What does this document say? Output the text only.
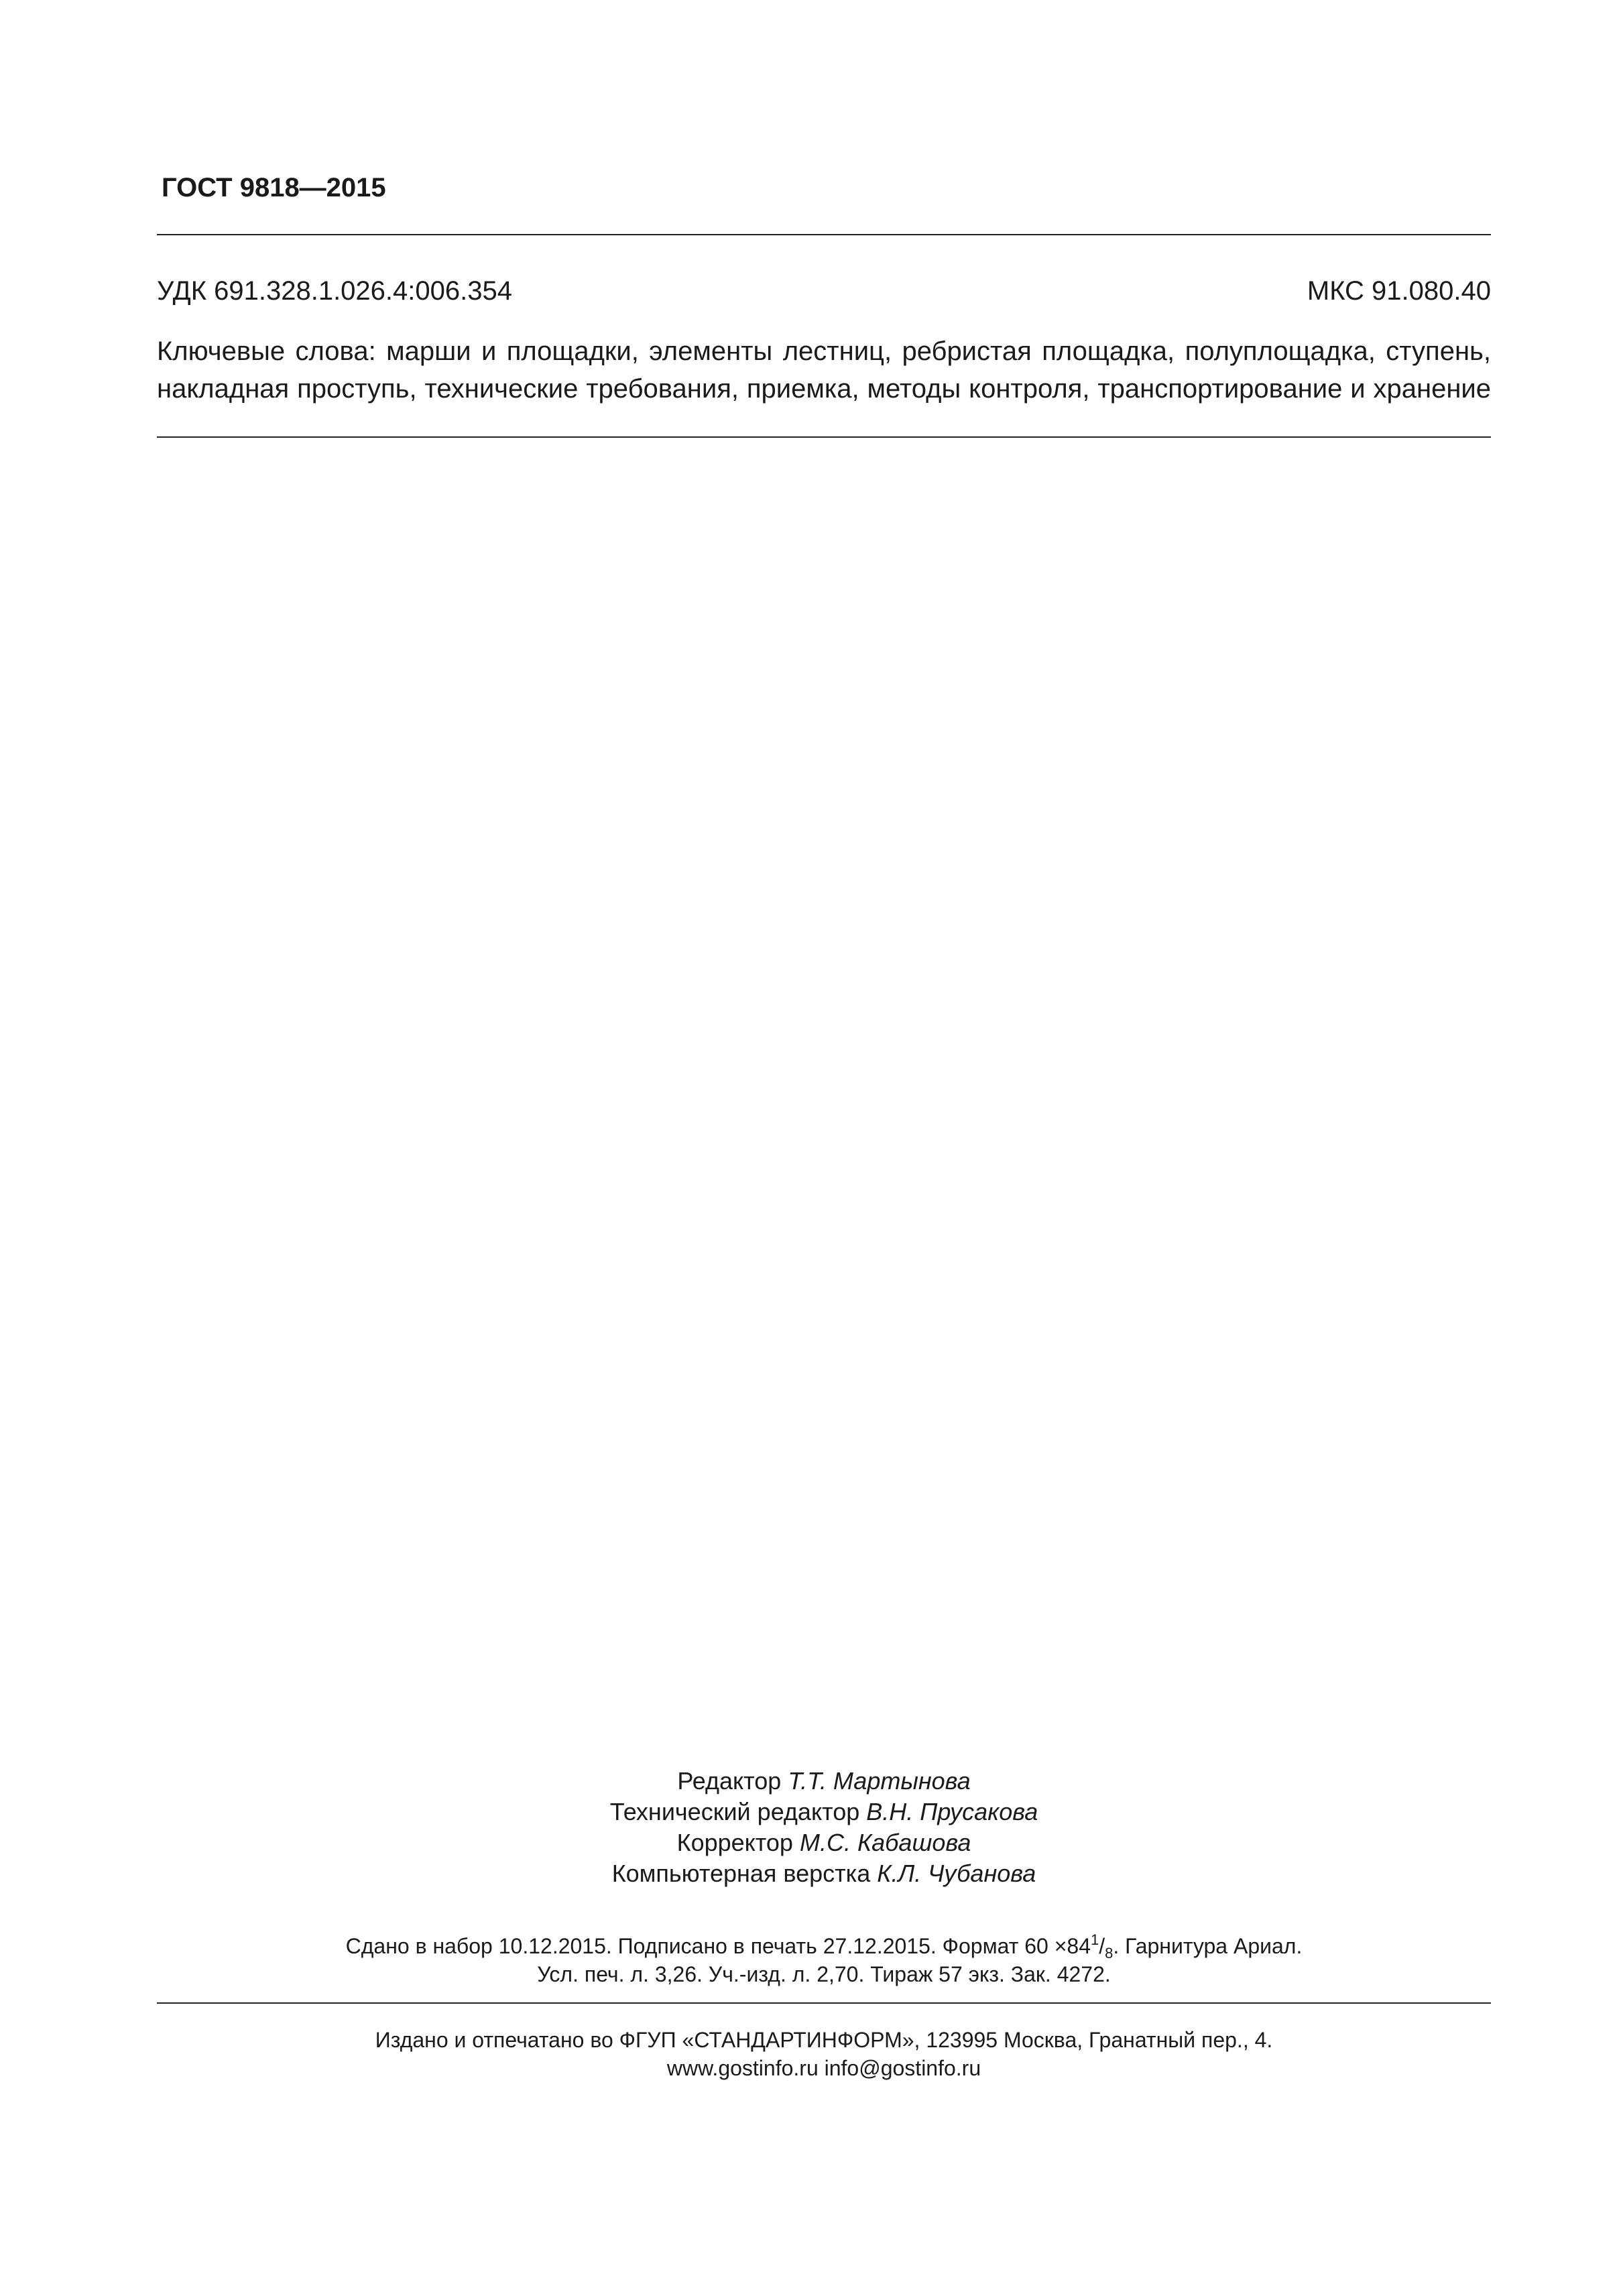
ГОСТ 9818—2015
УДК 691.328.1.026.4:006.354	МКС 91.080.40
Ключевые слова: марши и площадки, элементы лестниц, ребристая площадка, полуплощадка, ступень,
накладная проступь, технические требования, приемка, методы контроля, транспортирование и хранение
Редактор Т.Т. Мартынова
Технический редактор В.Н. Прусакова
Корректор М.С. Кабашова
Компьютерная верстка К.Л. Чубанова
Сдано в набор 10.12.2015. Подписано в печать 27.12.2015. Формат $60 \times 84^1/_8$. Гарнитура Ариал.
Усл. печ. л. 3,26. Уч.-изд. л. 2,70. Тираж 57 экз. Зак. 4272.
Издано и отпечатано во ФГУП «СТАНДАРТИНФОРМ», 123995 Москва, Гранатный пер., 4.
www.gostinfo.ru info@gostinfo.ru
